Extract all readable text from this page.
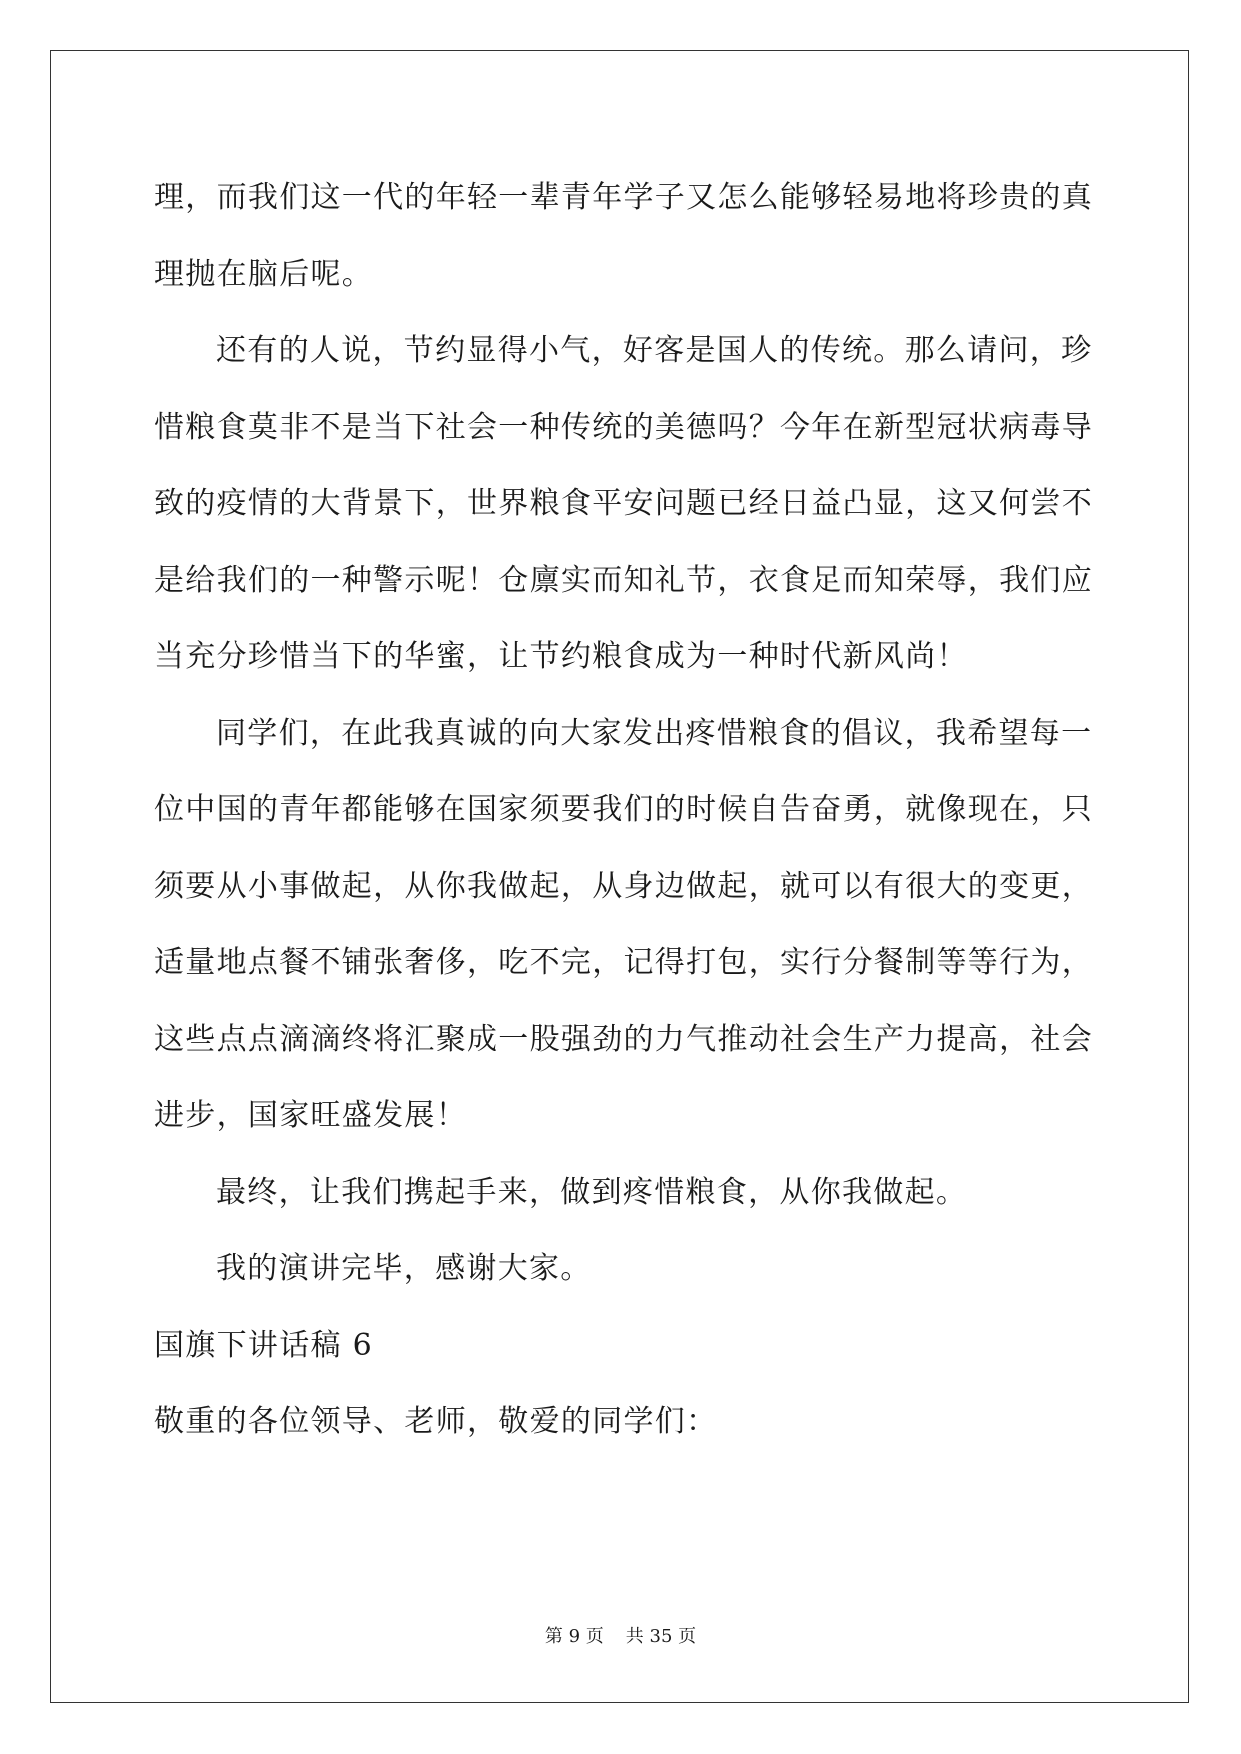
理，而我们这一代的年轻一辈青年学子又怎么能够轻易地将珍贵的真
理抛在脑后呢。
还有的人说，节约显得小气，好客是国人的传统。那么请问，珍
惜粮食莫非不是当下社会一种传统的美德吗？今年在新型冠状病毒导
致的疫情的大背景下，世界粮食平安问题已经日益凸显，这又何尝不
是给我们的一种警示呢！仓廪实而知礼节，衣食足而知荣辱，我们应
当充分珍惜当下的华蜜，让节约粮食成为一种时代新风尚！
同学们，在此我真诚的向大家发出疼惜粮食的倡议，我希望每一
位中国的青年都能够在国家须要我们的时候自告奋勇，就像现在，只
须要从小事做起，从你我做起，从身边做起，就可以有很大的变更，
适量地点餐不铺张奢侈，吃不完，记得打包，实行分餐制等等行为，
这些点点滴滴终将汇聚成一股强劲的力气推动社会生产力提高，社会
进步，国家旺盛发展！
最终，让我们携起手来，做到疼惜粮食，从你我做起。
我的演讲完毕，感谢大家。
国旗下讲话稿 6
敬重的各位领导、老师，敬爱的同学们：
第 9 页 共 35 页
